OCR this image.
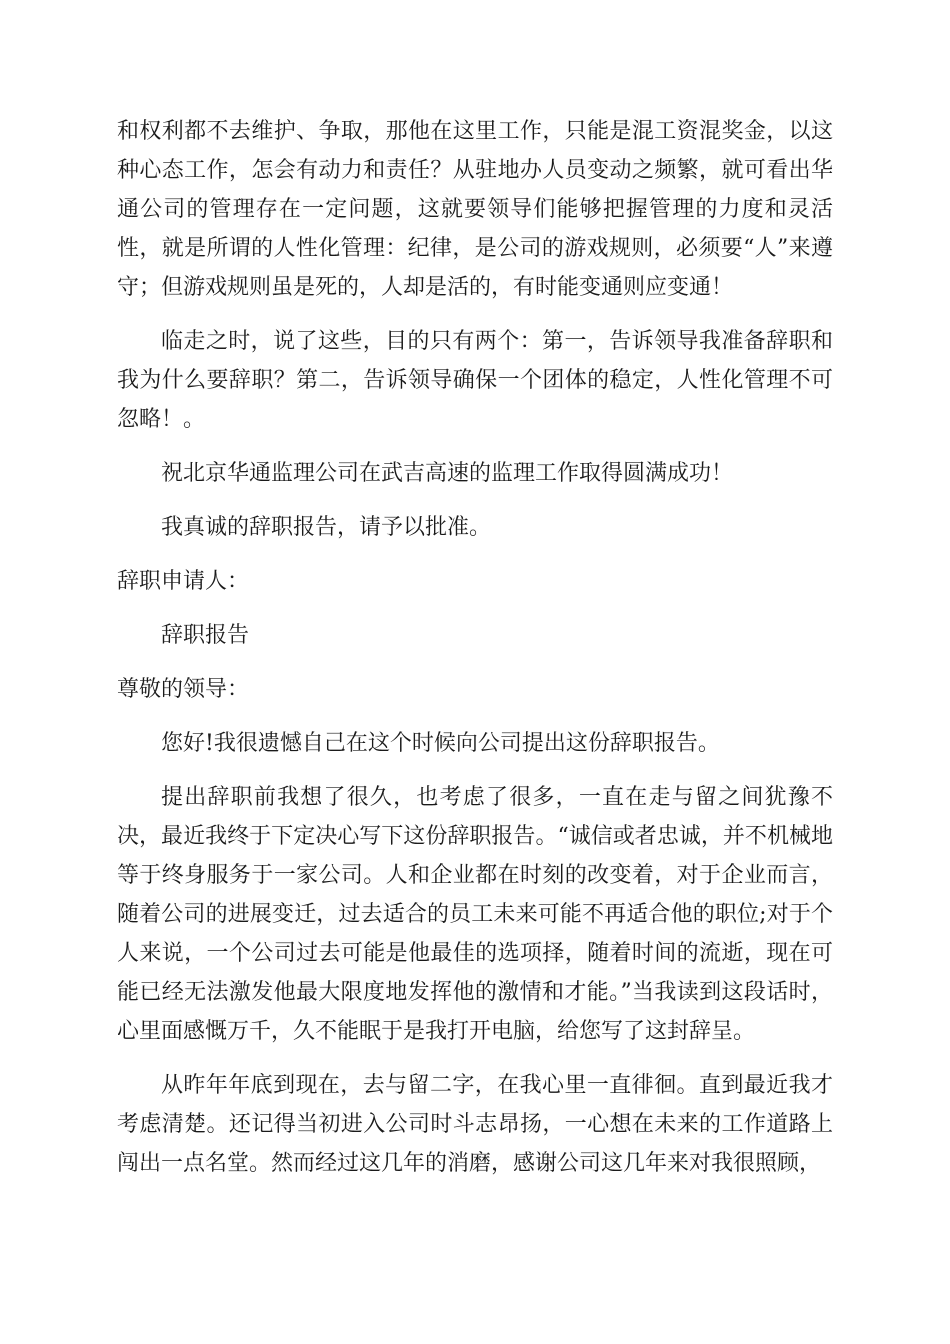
和权利都不去维护、争取，那他在这里工作，只能是混工资混奖金，以这种心态工作，怎会有动力和责任？从驻地办人员变动之频繁，就可看出华通公司的管理存在一定问题，这就要领导们能够把握管理的力度和灵活性，就是所谓的人性化管理：纪律，是公司的游戏规则，必须要“人”来遵守；但游戏规则虽是死的，人却是活的，有时能变通则应变通！

临走之时，说了这些，目的只有两个：第一，告诉领导我准备辞职和我为什么要辞职？第二，告诉领导确保一个团体的稳定，人性化管理不可忽略！。

祝北京华通监理公司在武吉高速的监理工作取得圆满成功！

我真诚的辞职报告，请予以批准。

辞职申请人：

辞职报告

尊敬的领导：

您好!我很遗憾自己在这个时候向公司提出这份辞职报告。

提出辞职前我想了很久，也考虑了很多，一直在走与留之间犹豫不决，最近我终于下定决心写下这份辞职报告。“诚信或者忠诚，并不机械地等于终身服务于一家公司。人和企业都在时刻的改变着，对于企业而言，随着公司的进展变迁，过去适合的员工未来可能不再适合他的职位;对于个人来说，一个公司过去可能是他最佳的选项择，随着时间的流逝，现在可能已经无法激发他最大限度地发挥他的激情和才能。”当我读到这段话时，心里面感慨万千，久不能眠于是我打开电脑，给您写了这封辞呈。

从昨年年底到现在，去与留二字，在我心里一直徘徊。直到最近我才考虑清楚。还记得当初进入公司时斗志昂扬，一心想在未来的工作道路上闯出一点名堂。然而经过这几年的消磨，感谢公司这几年来对我很照顾，
